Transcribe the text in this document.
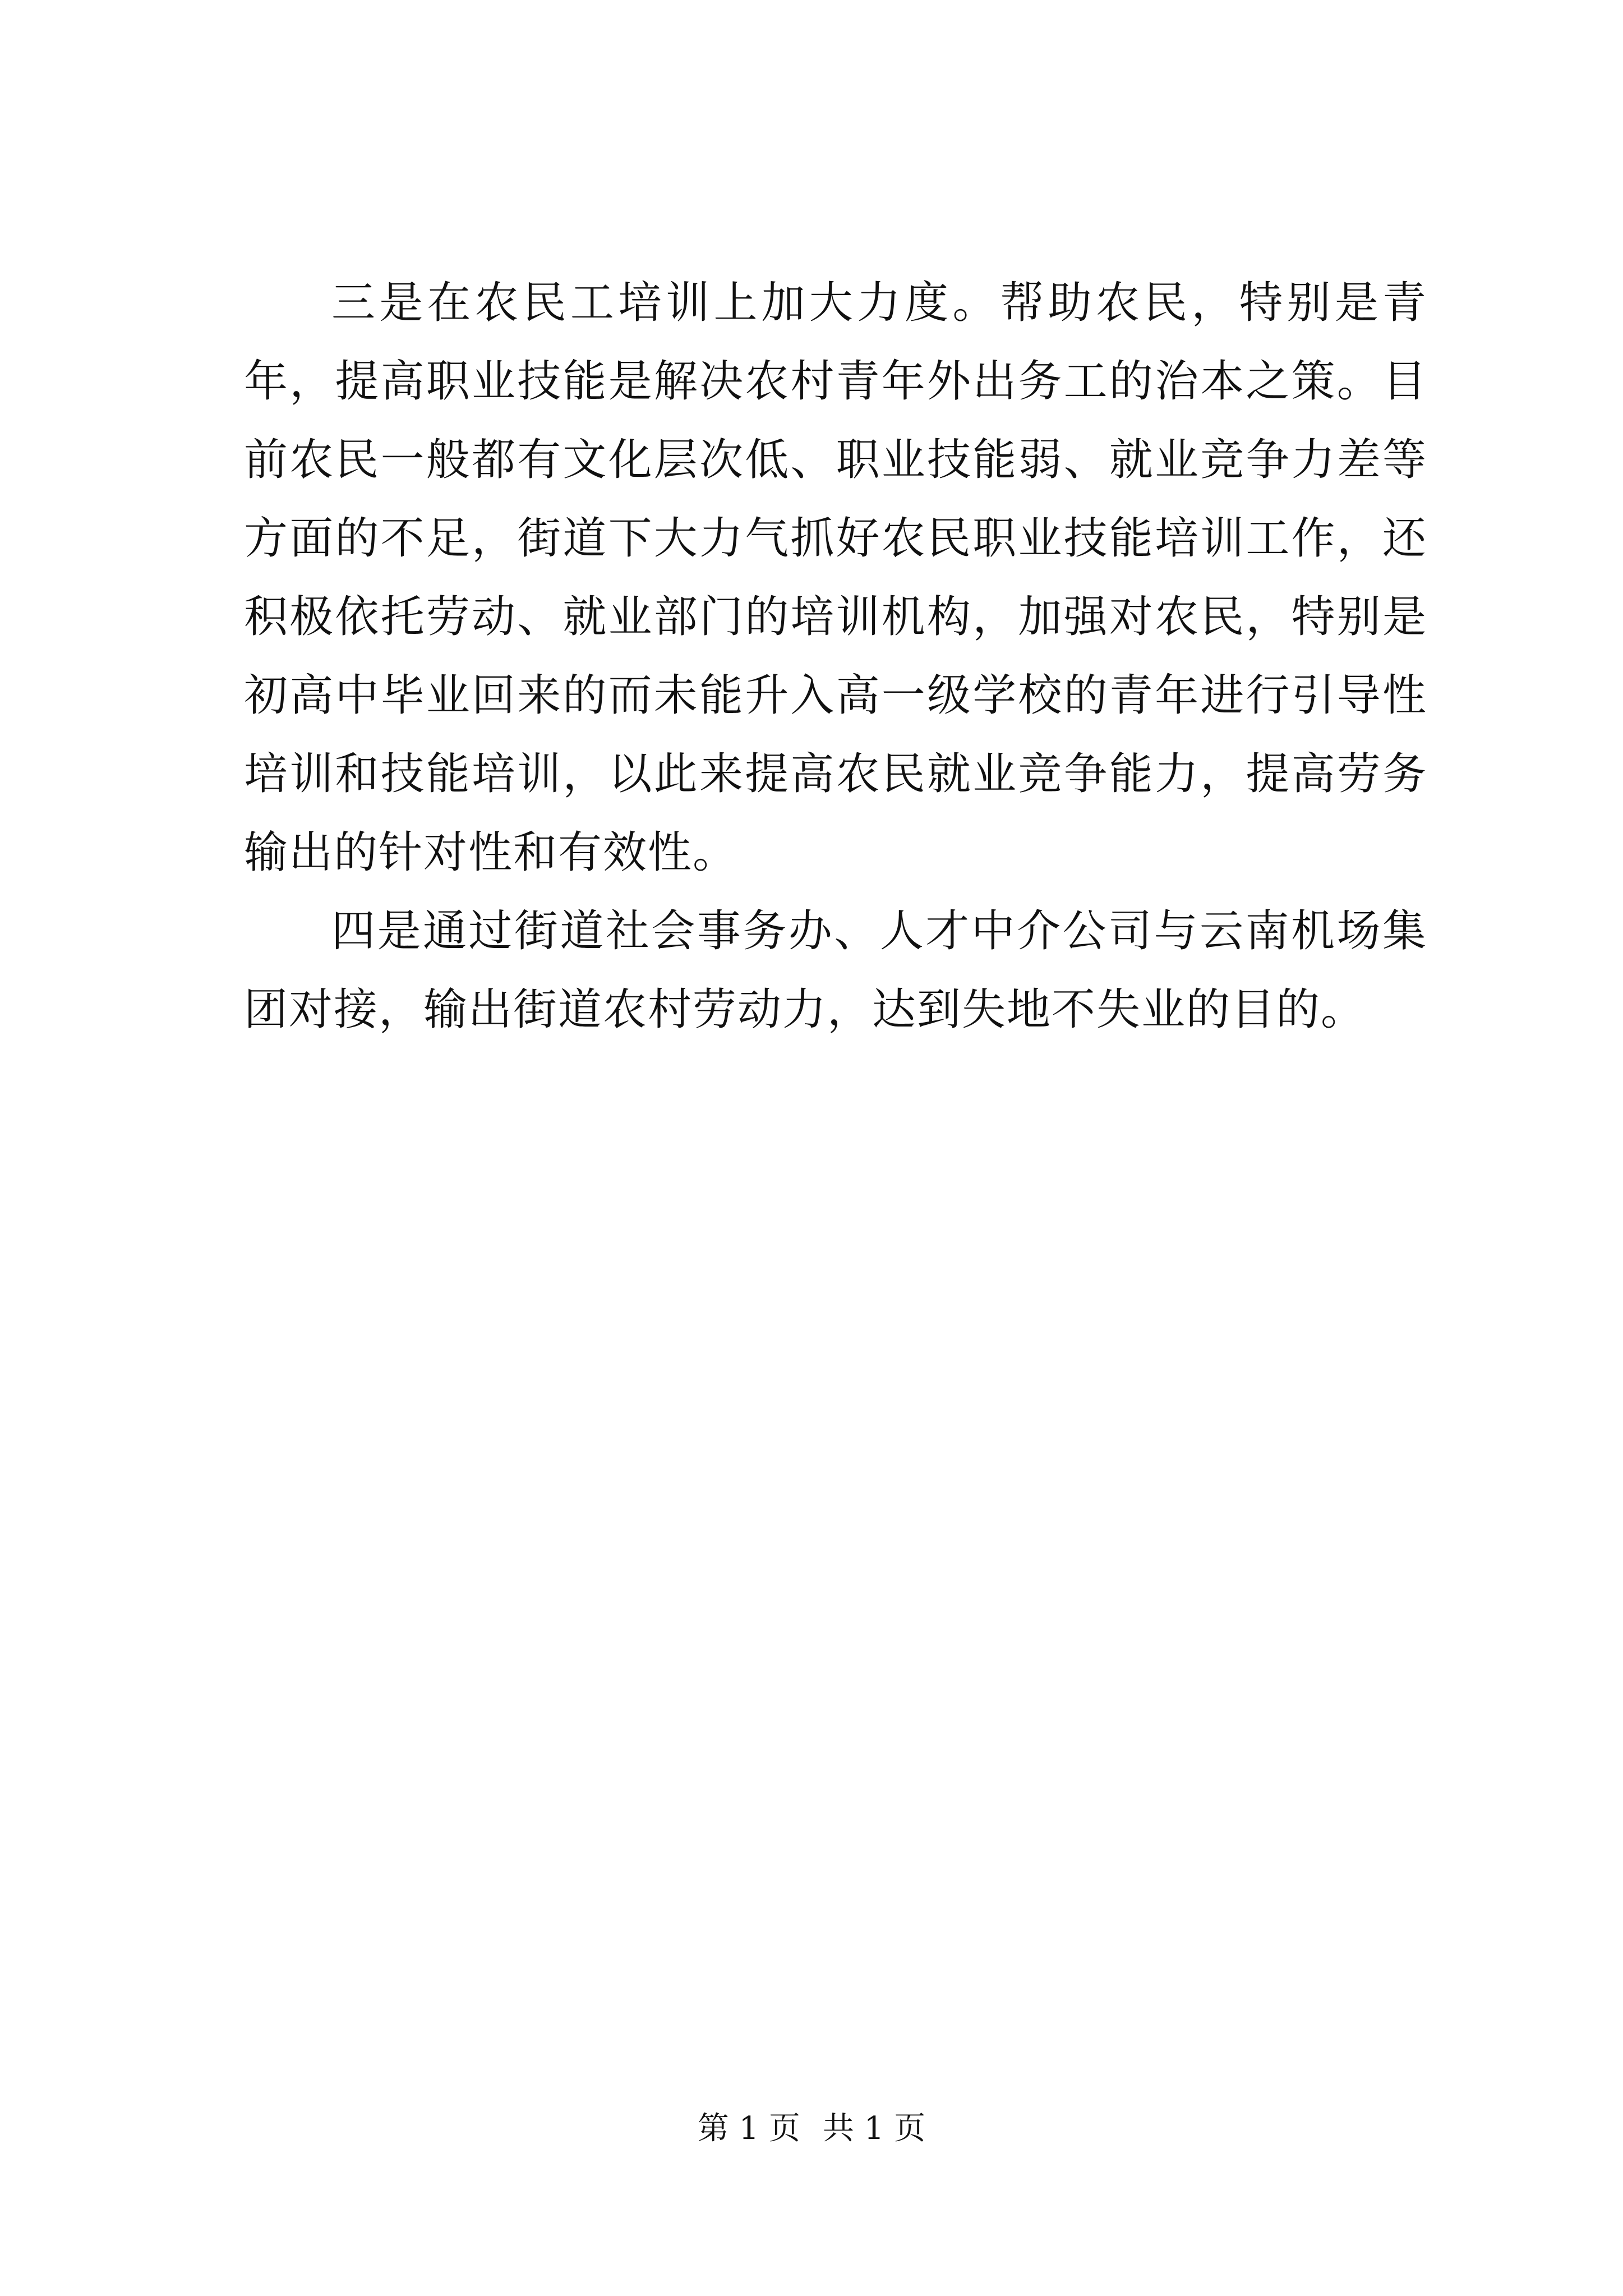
三是在农民工培训上加大力度。帮助农民，特别是青年，提高职业技能是解决农村青年外出务工的治本之策。目前农民一般都有文化层次低、职业技能弱、就业竞争力差等方面的不足，街道下大力气抓好农民职业技能培训工作，还积极依托劳动、就业部门的培训机构，加强对农民，特别是初高中毕业回来的而未能升入高一级学校的青年进行引导性培训和技能培训，以此来提高农民就业竞争能力，提高劳务输出的针对性和有效性。

四是通过街道社会事务办、人才中介公司与云南机场集团对接，输出街道农村劳动力，达到失地不失业的目的。

第 1 页 共 1 页
